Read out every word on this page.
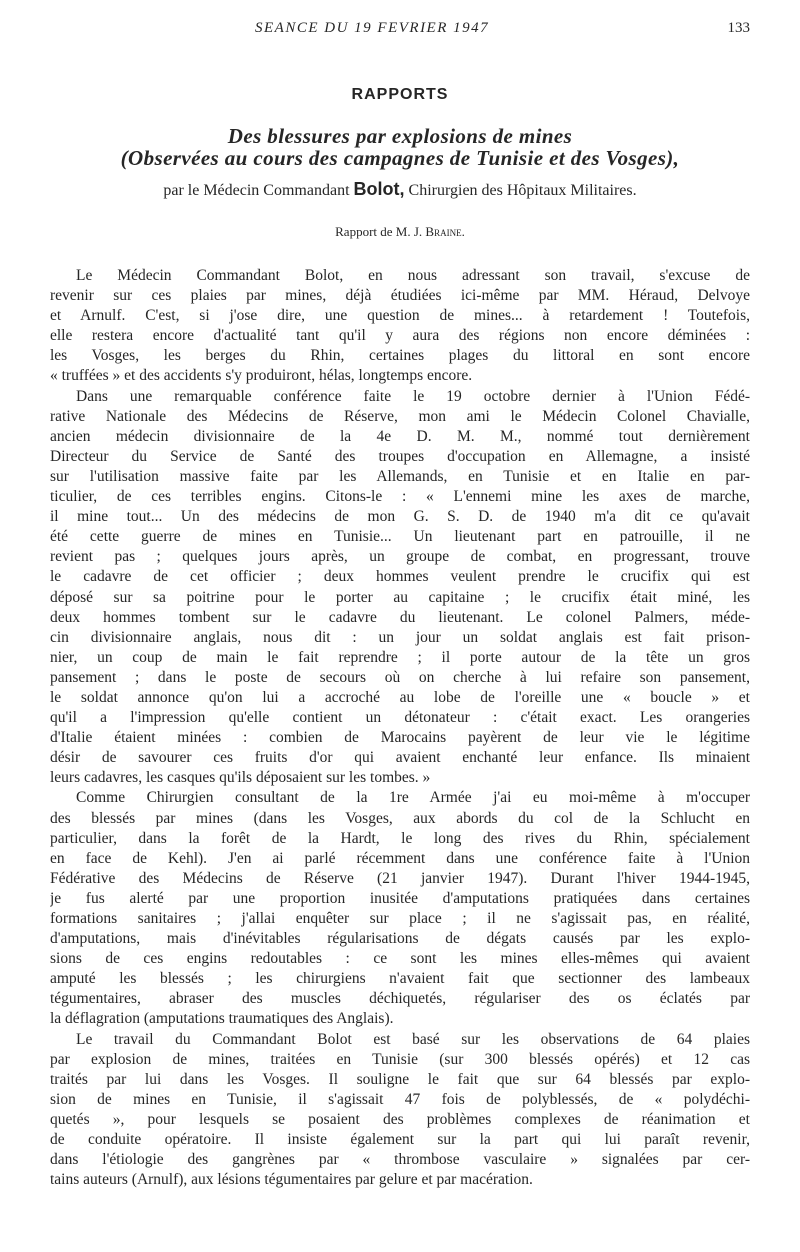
SEANCE DU 19 FEVRIER 1947	133
RAPPORTS
Des blessures par explosions de mines
(Observées au cours des campagnes de Tunisie et des Vosges),
par le Médecin Commandant Bolot, Chirurgien des Hôpitaux Militaires.
Rapport de M. J. Braine.
Le Médecin Commandant Bolot, en nous adressant son travail, s'excuse de
revenir sur ces plaies par mines, déjà étudiées ici-même par MM. Héraud, Delvoye
et Arnulf. C'est, si j'ose dire, une question de mines... à retardement ! Toutefois,
elle restera encore d'actualité tant qu'il y aura des régions non encore déminées :
les Vosges, les berges du Rhin, certaines plages du littoral en sont encore
« truffées » et des accidents s'y produiront, hélas, longtemps encore.
Dans une remarquable conférence faite le 19 octobre dernier à l'Union Fédé-
rative Nationale des Médecins de Réserve, mon ami le Médecin Colonel Chavialle,
ancien médecin divisionnaire de la 4e D. M. M., nommé tout dernièrement
Directeur du Service de Santé des troupes d'occupation en Allemagne, a insisté
sur l'utilisation massive faite par les Allemands, en Tunisie et en Italie en par-
ticulier, de ces terribles engins. Citons-le : « L'ennemi mine les axes de marche,
il mine tout... Un des médecins de mon G. S. D. de 1940 m'a dit ce qu'avait
été cette guerre de mines en Tunisie... Un lieutenant part en patrouille, il ne
revient pas ; quelques jours après, un groupe de combat, en progressant, trouve
le cadavre de cet officier ; deux hommes veulent prendre le crucifix qui est
déposé sur sa poitrine pour le porter au capitaine ; le crucifix était miné, les
deux hommes tombent sur le cadavre du lieutenant. Le colonel Palmers, méde-
cin divisionnaire anglais, nous dit : un jour un soldat anglais est fait prison-
nier, un coup de main le fait reprendre ; il porte autour de la tête un gros
pansement ; dans le poste de secours où on cherche à lui refaire son pansement,
le soldat annonce qu'on lui a accroché au lobe de l'oreille une « boucle » et
qu'il a l'impression qu'elle contient un détonateur : c'était exact. Les orangeries
d'Italie étaient minées : combien de Marocains payèrent de leur vie le légitime
désir de savourer ces fruits d'or qui avaient enchanté leur enfance. Ils minaient
leurs cadavres, les casques qu'ils déposaient sur les tombes. »
Comme Chirurgien consultant de la 1re Armée j'ai eu moi-même à m'occuper
des blessés par mines (dans les Vosges, aux abords du col de la Schlucht en
particulier, dans la forêt de la Hardt, le long des rives du Rhin, spécialement
en face de Kehl). J'en ai parlé récemment dans une conférence faite à l'Union
Fédérative des Médecins de Réserve (21 janvier 1947). Durant l'hiver 1944-1945,
je fus alerté par une proportion inusitée d'amputations pratiquées dans certaines
formations sanitaires ; j'allai enquêter sur place ; il ne s'agissait pas, en réalité,
d'amputations, mais d'inévitables régularisations de dégats causés par les explo-
sions de ces engins redoutables : ce sont les mines elles-mêmes qui avaient
amputé les blessés ; les chirurgiens n'avaient fait que sectionner des lambeaux
tégumentaires, abraser des muscles déchiquetés, régulariser des os éclatés par
la déflagration (amputations traumatiques des Anglais).
Le travail du Commandant Bolot est basé sur les observations de 64 plaies
par explosion de mines, traitées en Tunisie (sur 300 blessés opérés) et 12 cas
traités par lui dans les Vosges. Il souligne le fait que sur 64 blessés par explo-
sion de mines en Tunisie, il s'agissait 47 fois de polyblessés, de « polydéchi-
quetés », pour lesquels se posaient des problèmes complexes de réanimation et
de conduite opératoire. Il insiste également sur la part qui lui paraît revenir,
dans l'étiologie des gangrènes par « thrombose vasculaire » signalées par cer-
tains auteurs (Arnulf), aux lésions tégumentaires par gelure et par macération.
